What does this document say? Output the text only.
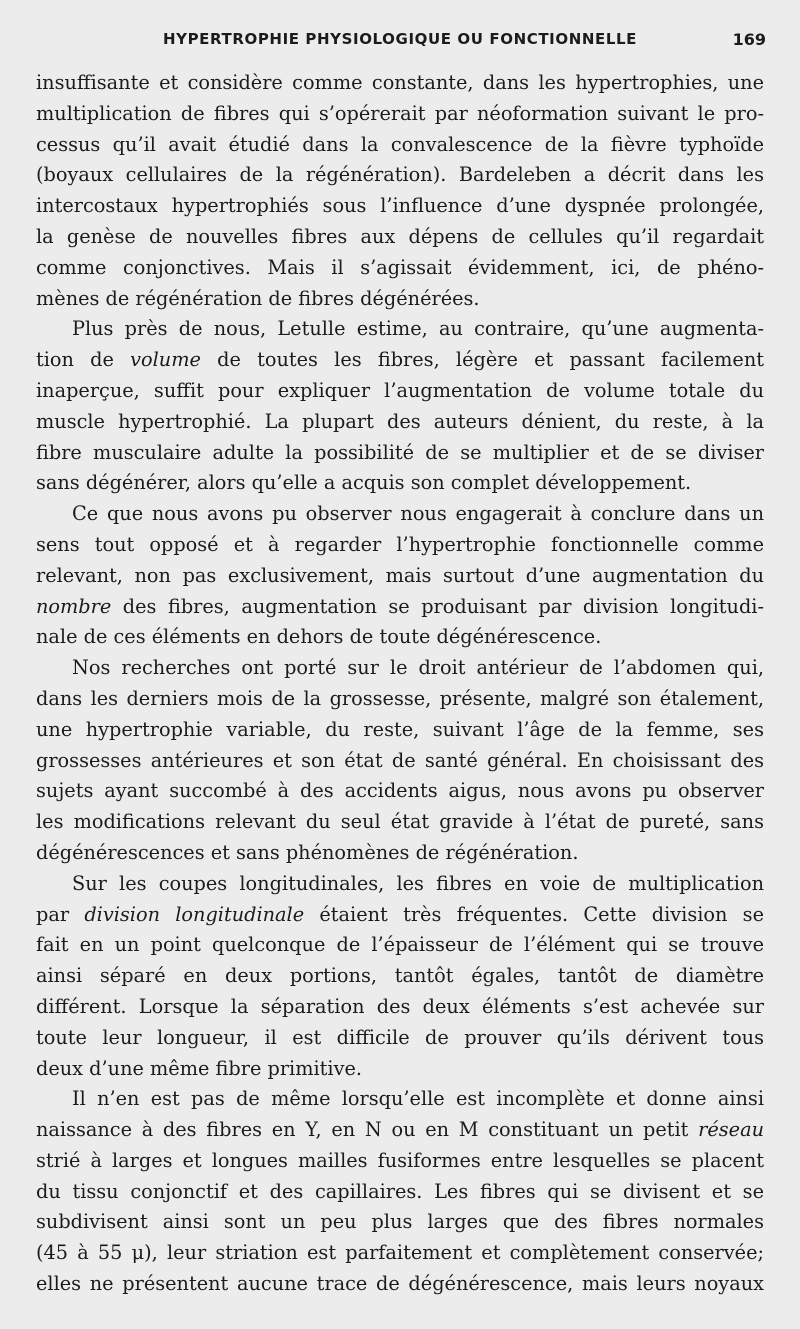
HYPERTROPHIE PHYSIOLOGIQUE OU FONCTIONNELLE	169
insuffisante et considère comme constante, dans les hypertrophies, une
multiplication de fibres qui s’opérerait par néoformation suivant le pro-
cessus qu’il avait étudié dans la convalescence de la fièvre typhoïde
(boyaux cellulaires de la régénération). Bardeleben a décrit dans les
intercostaux hypertrophiés sous l’influence d’une dyspnée prolongée,
la genèse de nouvelles fibres aux dépens de cellules qu’il regardait
comme conjonctives. Mais il s’agissait évidemment, ici, de phéno-
mènes de régénération de fibres dégénérées.
Plus près de nous, Letulle estime, au contraire, qu’une augmenta-
tion de volume de toutes les fibres, légère et passant facilement
inaperçue, suffit pour expliquer l’augmentation de volume totale du
muscle hypertrophié. La plupart des auteurs dénient, du reste, à la
fibre musculaire adulte la possibilité de se multiplier et de se diviser
sans dégénérer, alors qu’elle a acquis son complet développement.
Ce que nous avons pu observer nous engagerait à conclure dans un
sens tout opposé et à regarder l’hypertrophie fonctionnelle comme
relevant, non pas exclusivement, mais surtout d’une augmentation du
nombre des fibres, augmentation se produisant par division longitudi-
nale de ces éléments en dehors de toute dégénérescence.
Nos recherches ont porté sur le droit antérieur de l’abdomen qui,
dans les derniers mois de la grossesse, présente, malgré son étalement,
une hypertrophie variable, du reste, suivant l’âge de la femme, ses
grossesses antérieures et son état de santé général. En choisissant des
sujets ayant succombé à des accidents aigus, nous avons pu observer
les modifications relevant du seul état gravide à l’état de pureté, sans
dégénérescences et sans phénomènes de régénération.
Sur les coupes longitudinales, les fibres en voie de multiplication
par division longitudinale étaient très fréquentes. Cette division se
fait en un point quelconque de l’épaisseur de l’élément qui se trouve
ainsi séparé en deux portions, tantôt égales, tantôt de diamètre
différent. Lorsque la séparation des deux éléments s’est achevée sur
toute leur longueur, il est difficile de prouver qu’ils dérivent tous
deux d’une même fibre primitive.
Il n’en est pas de même lorsqu’elle est incomplète et donne ainsi
naissance à des fibres en Y, en N ou en M constituant un petit réseau
strié à larges et longues mailles fusiformes entre lesquelles se placent
du tissu conjonctif et des capillaires. Les fibres qui se divisent et se
subdivisent ainsi sont un peu plus larges que des fibres normales
(45 à 55 μ), leur striation est parfaitement et complètement conservée;
elles ne présentent aucune trace de dégénérescence, mais leurs noyaux
